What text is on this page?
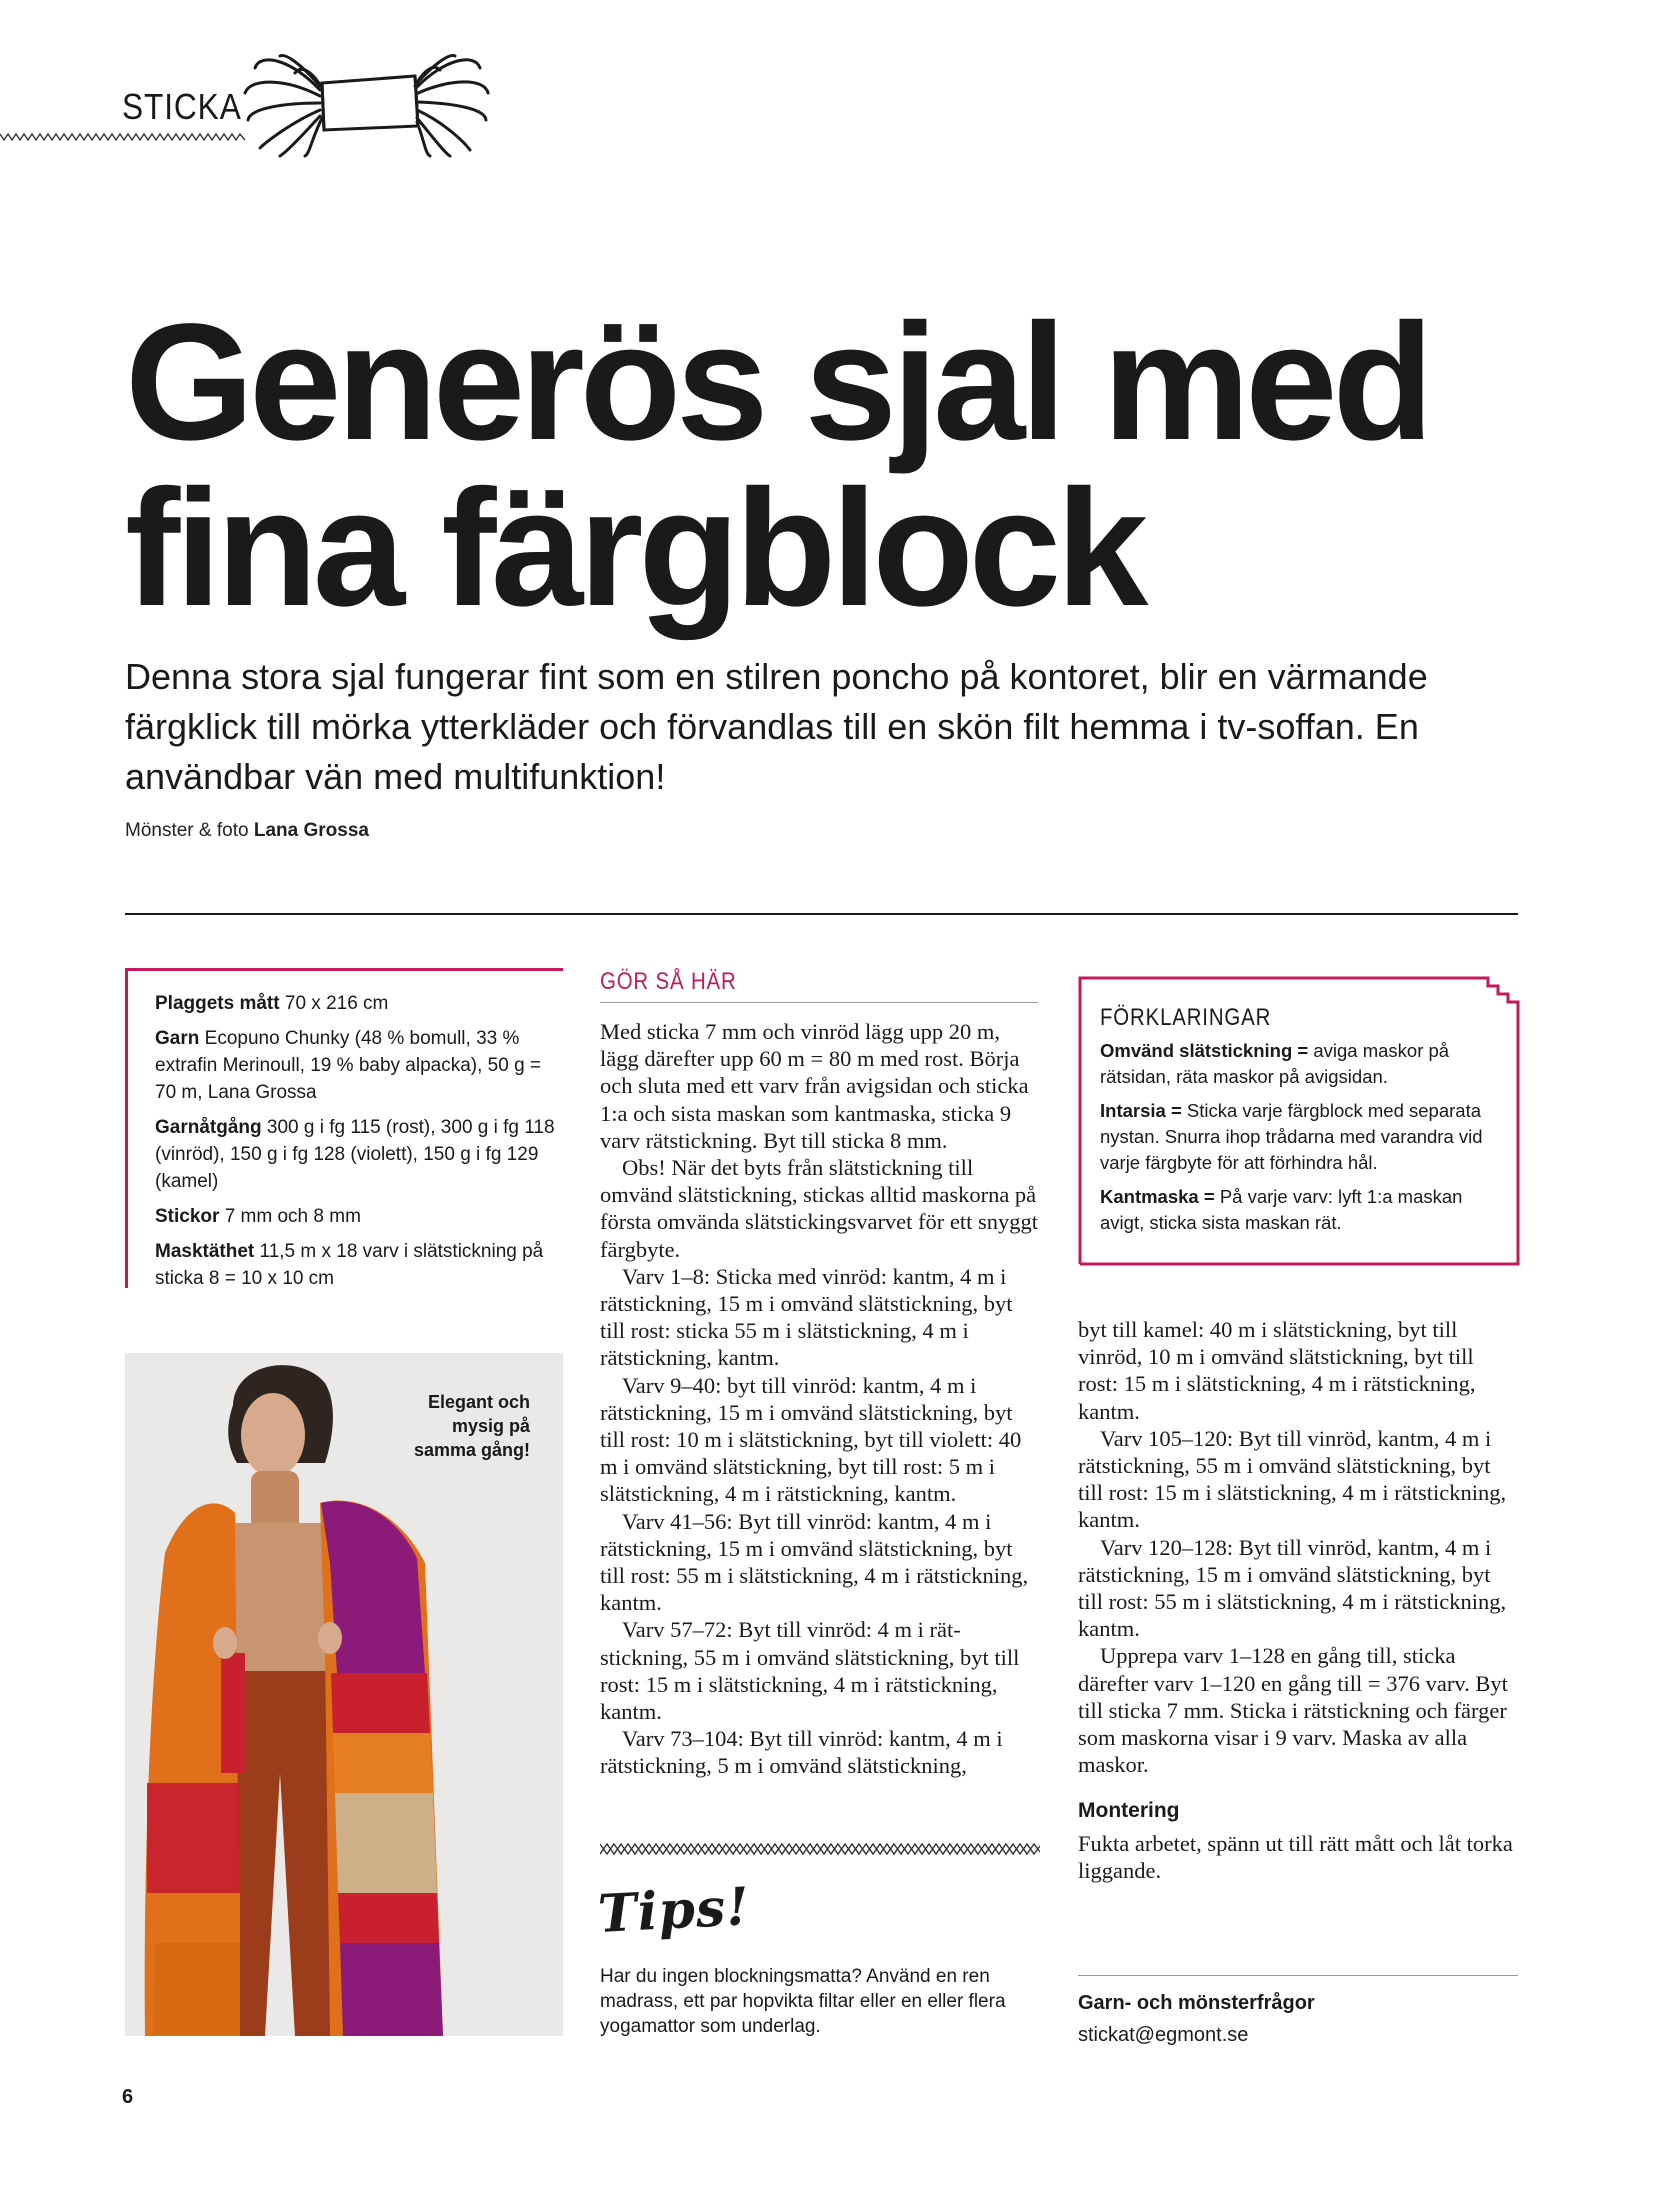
STICKA
Generös sjal med
fina färgblock
Denna stora sjal fungerar fint som en stilren poncho på kontoret, blir en värmande färgklick till mörka ytterkläder och förvandlas till en skön filt hemma i tv-soffan. En användbar vän med multifunktion!
Mönster & foto Lana Grossa

Plaggets mått 70 x 216 cm

Garn Ecopuno Chunky (48 % bomull, 33 % extrafin Merinoull, 19 % baby alpacka), 50 g = 70 m, Lana Grossa

Garnåtgång 300 g i fg 115 (rost), 300 g i fg 118 (vinröd), 150 g i fg 128 (violett), 150 g i fg 129 (kamel)

Stickor 7 mm och 8 mm

Masktäthet 11,5 m x 18 varv i slätstickning på sticka 8 = 10 x 10 cm

Elegant och mysig på samma gång!
GÖR SÅ HÄR

Med sticka 7 mm och vinröd lägg upp 20 m, lägg därefter upp 60 m = 80 m med rost. Börja och sluta med ett varv från avigsidan och sticka 1:a och sista maskan som kantmaska, sticka 9 varv rätstickning. Byt till sticka 8 mm.

Obs! När det byts från slätstickning till omvänd slätstickning, stickas alltid maskorna på första omvända slätstickingsvarvet för ett snyggt färgbyte.

Varv 1–8: Sticka med vinröd: kantm, 4 m i rätstickning, 15 m i omvänd slätstickning, byt till rost: sticka 55 m i slätstickning, 4 m i rätstickning, kantm.

Varv 9–40: byt till vinröd: kantm, 4 m i rätstickning, 15 m i omvänd slätstickning, byt till rost: 10 m i slätstickning, byt till violett: 40 m i omvänd slätstickning, byt till rost: 5 m i slätstickning, 4 m i rätstickning, kantm.

Varv 41–56: Byt till vinröd: kantm, 4 m i rätstickning, 15 m i omvänd slätstickning, byt till rost: 55 m i slätstickning, 4 m i rätstickning, kantm.

Varv 57–72: Byt till vinröd: 4 m i rätstickning, 55 m i omvänd slätstickning, byt till rost: 15 m i slätstickning, 4 m i rätstickning, kantm.

Varv 73–104: Byt till vinröd: kantm, 4 m i rätstickning, 5 m i omvänd slätstickning,

Tips!
Har du ingen blockningsmatta? Använd en ren madrass, ett par hopvikta filtar eller en eller flera yogamattor som underlag.
FÖRKLARINGAR

Omvänd slätstickning = aviga maskor på rätsidan, räta maskor på avigsidan.

Intarsia = Sticka varje färgblock med separata nystan. Snurra ihop trådarna med varandra vid varje färgbyte för att förhindra hål.

Kantmaska = På varje varv: lyft 1:a maskan avigt, sticka sista maskan rät.

byt till kamel: 40 m i slätstickning, byt till vinröd, 10 m i omvänd slätstickning, byt till rost: 15 m i slätstickning, 4 m i rätstickning, kantm.

Varv 105–120: Byt till vinröd, kantm, 4 m i rätstickning, 55 m i omvänd slätstickning, byt till rost: 15 m i slätstickning, 4 m i rätstickning, kantm.

Varv 120–128: Byt till vinröd, kantm, 4 m i rätstickning, 15 m i omvänd slätstickning, byt till rost: 55 m i slätstickning, 4 m i rätstickning, kantm.

Upprepa varv 1–128 en gång till, sticka därefter varv 1–120 en gång till = 376 varv. Byt till sticka 7 mm. Sticka i rätstickning och färger som maskorna visar i 9 varv. Maska av alla maskor.

Montering
Fukta arbetet, spänn ut till rätt mått och låt torka liggande.
Garn- och mönsterfrågor
stickat@egmont.se
6
